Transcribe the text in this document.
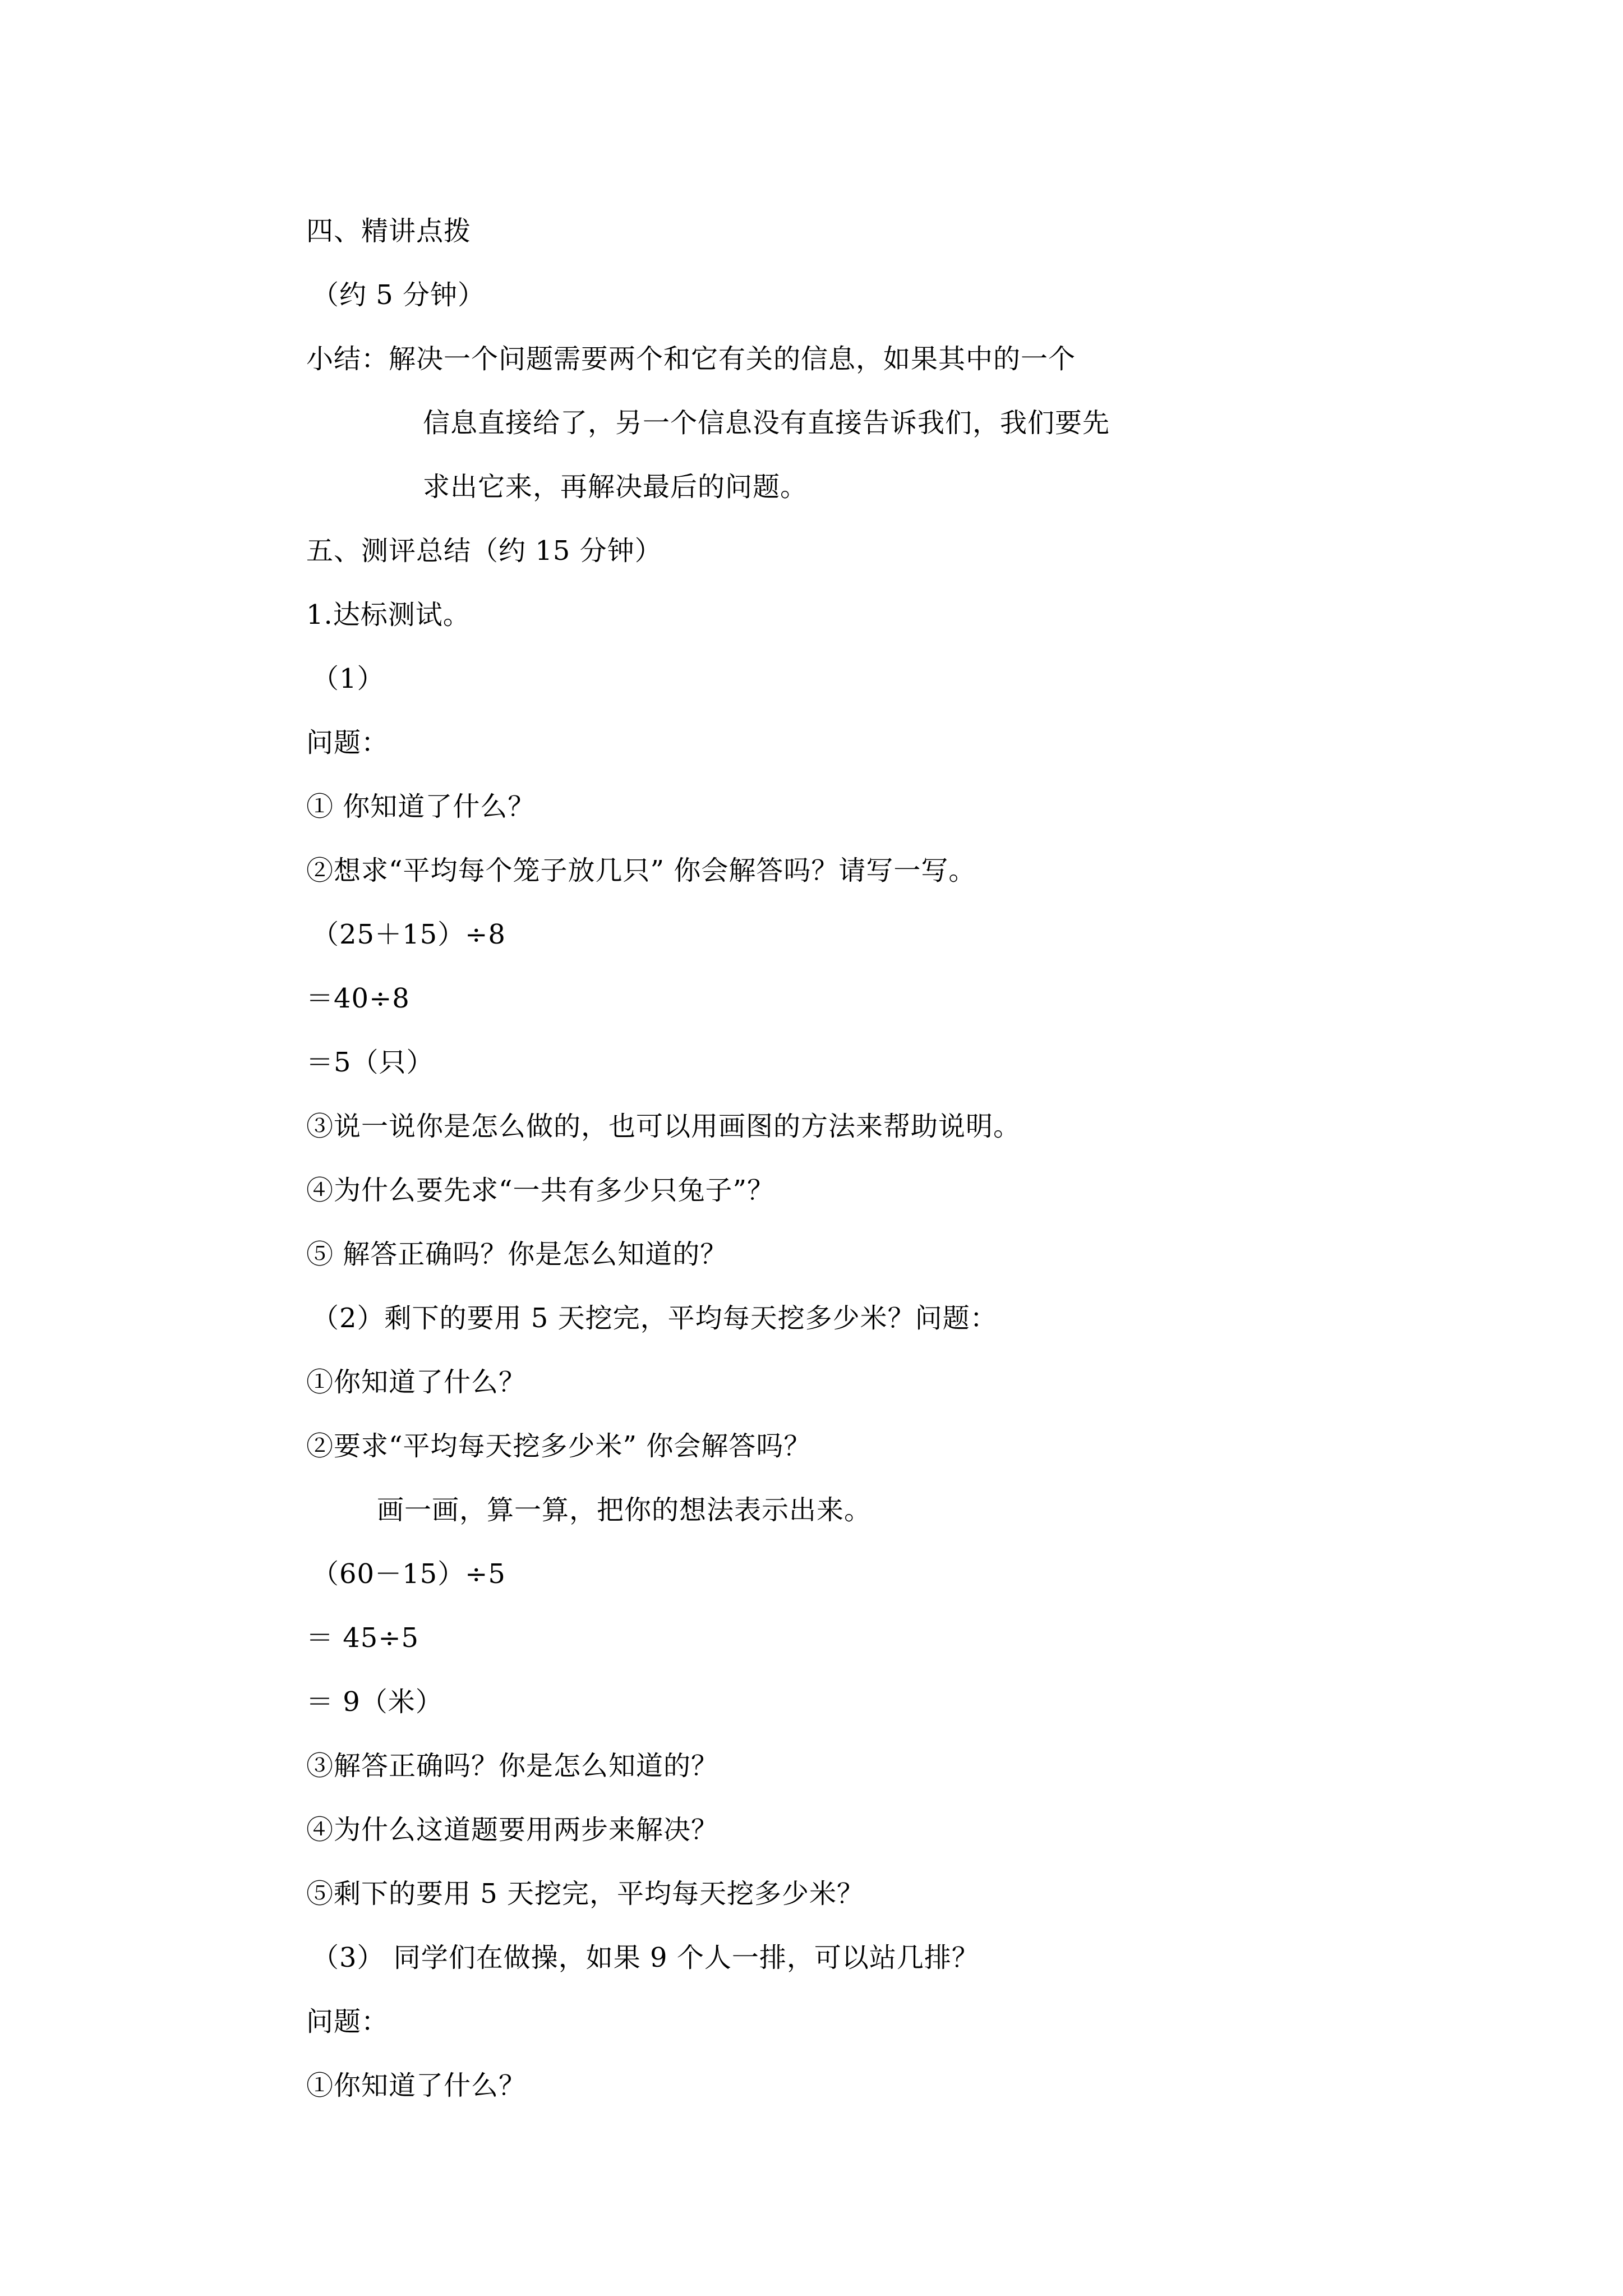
四、精讲点拨
（约 5 分钟）
小结：解决一个问题需要两个和它有关的信息，如果其中的一个
信息直接给了，另一个信息没有直接告诉我们，我们要先
求出它来，再解决最后的问题。
五、测评总结（约 15 分钟）
1.达标测试。
（1）
问题：
① 你知道了什么？
②想求“平均每个笼子放几只” 你会解答吗？请写一写。
（25＋15）÷8
＝40÷8
＝5（只）
③说一说你是怎么做的，也可以用画图的方法来帮助说明。
④为什么要先求“一共有多少只兔子”？
⑤ 解答正确吗？你是怎么知道的？
（2）剩下的要用 5 天挖完，平均每天挖多少米？问题：
①你知道了什么？
②要求“平均每天挖多少米” 你会解答吗？
画一画，算一算，把你的想法表示出来。
（60－15）÷5
＝ 45÷5
＝ 9（米）
③解答正确吗？你是怎么知道的？
④为什么这道题要用两步来解决？
⑤剩下的要用 5 天挖完，平均每天挖多少米？
（3） 同学们在做操，如果 9 个人一排，可以站几排？
问题：
①你知道了什么？
